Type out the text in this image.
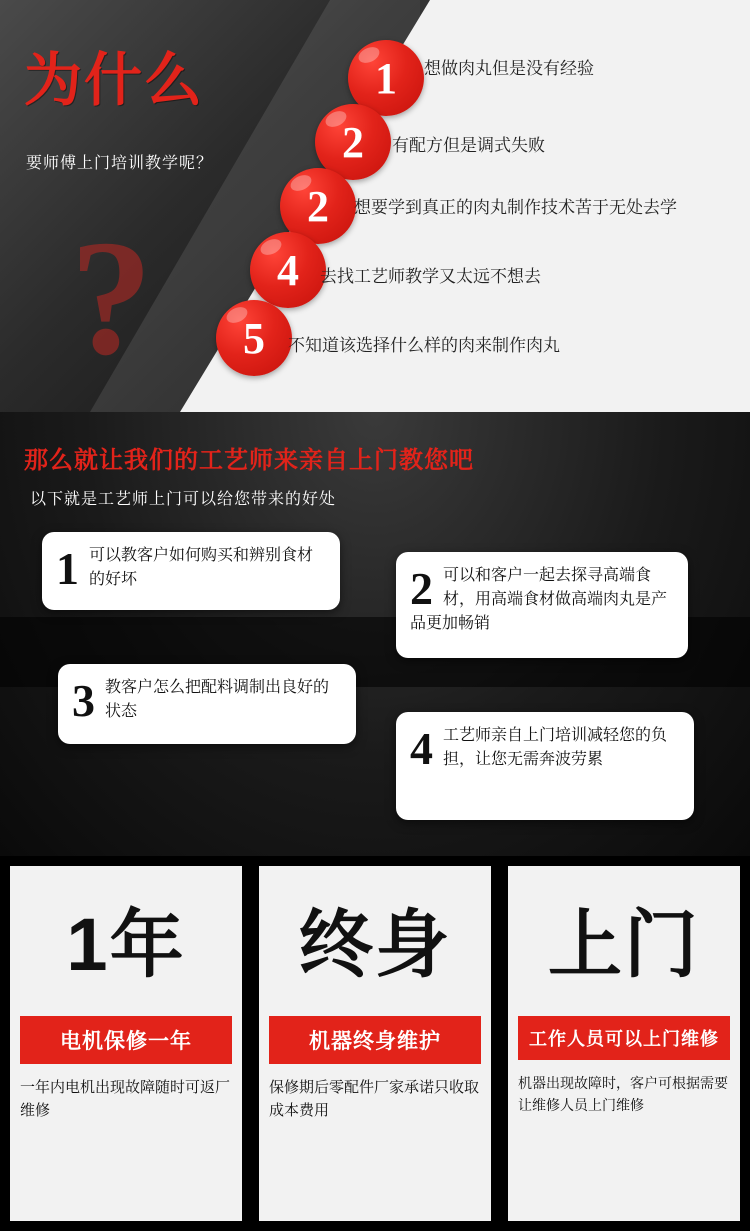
为什么
要师傅上门培训教学呢？
?
1	想做肉丸但是没有经验
2	有配方但是调式失败
2	想要学到真正的肉丸制作技术苦于无处去学
4	去找工艺师教学又太远不想去
5	不知道该选择什么样的肉来制作肉丸
那么就让我们的工艺师来亲自上门教您吧
以下就是工艺师上门可以给您带来的好处
1 可以教客户如何购买和辨别食材的好坏	2 可以和客户一起去探寻高端食材，用高端食材做高端肉丸是产品更加畅销
3 教客户怎么把配料调制出良好的状态
4 工艺师亲自上门培训减轻您的负担，让您无需奔波劳累
1年
电机保修一年
一年内电机出现故障随时可返厂维修
终身
机器终身维护
保修期后零配件厂家承诺只收取成本费用
上门
工作人员可以上门维修
机器出现故障时，客户可根据需要让维修人员上门维修
